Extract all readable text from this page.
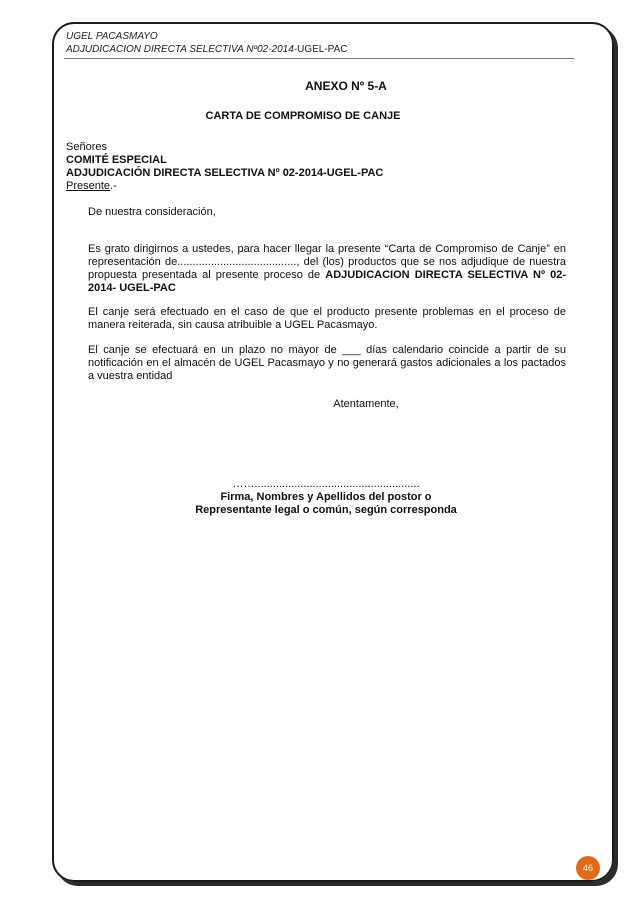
UGEL PACASMAYO
ADJUDICACION DIRECTA SELECTIVA Nº02-2014-UGEL-PAC
ANEXO Nº 5-A
CARTA DE COMPROMISO DE CANJE
Señores
COMITÉ ESPECIAL
ADJUDICACIÓN DIRECTA SELECTIVA Nº 02-2014-UGEL-PAC
Presente.-
De nuestra consideración,
Es grato dirigirnos a ustedes, para hacer llegar la presente “Carta de Compromiso de Canje” en representación de......................................., del (los) productos que se nos adjudique de nuestra propuesta presentada al presente proceso de ADJUDICACION DIRECTA SELECTIVA Nº 02-2014- UGEL-PAC
El canje será efectuado en el caso de que el producto presente problemas en el proceso de manera reiterada, sin causa atribuible a UGEL Pacasmayo.
El canje se efectuará en un plazo no mayor de ___ días calendario coincide a partir de su notificación en el almacén de UGEL Pacasmayo y no generará gastos adicionales a los pactados a vuestra entidad
Atentamente,
……......................................................
Firma, Nombres y Apellidos del postor o
Representante legal o común, según corresponda
46
